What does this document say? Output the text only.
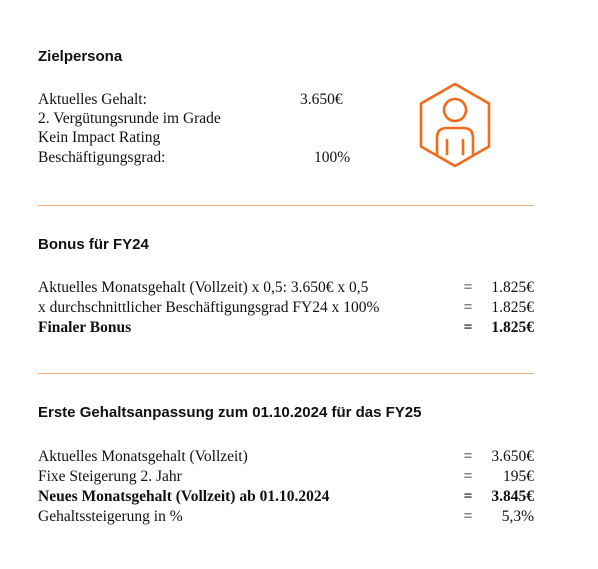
Zielpersona
Aktuelles Gehalt:	3.650€
2. Vergütungsrunde im Grade
Kein Impact Rating
Beschäftigungsgrad:	100%
Bonus für FY24
Aktuelles Monatsgehalt (Vollzeit) x 0,5: 3.650€ x 0,5	= 1.825€
x durchschnittlicher Beschäftigungsgrad FY24 x 100%	= 1.825€
Finaler Bonus	= 1.825€
Erste Gehaltsanpassung zum 01.10.2024 für das FY25
Aktuelles Monatsgehalt (Vollzeit)	= 3.650€
Fixe Steigerung 2. Jahr	= 195€
Neues Monatsgehalt (Vollzeit) ab 01.10.2024	= 3.845€
Gehaltssteigerung in %	= 5,3%
